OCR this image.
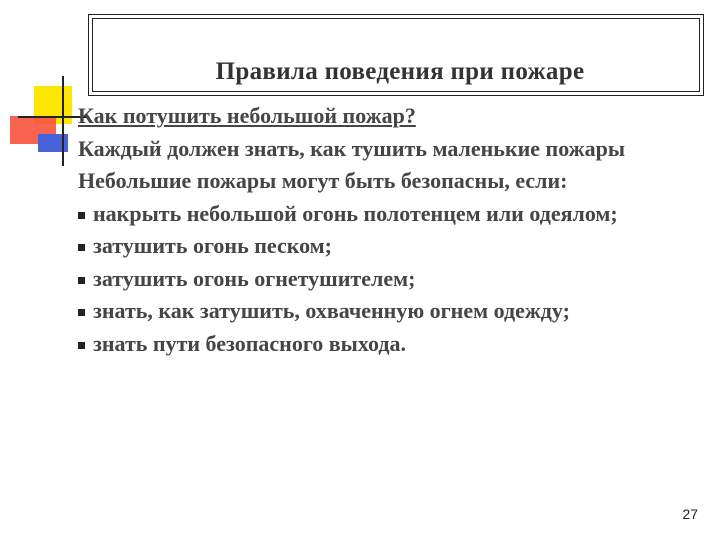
Правила поведения при пожаре

Как потушить небольшой пожар?

Каждый должен знать, как тушить маленькие пожары

Небольшие пожары могут быть безопасны, если:

накрыть небольшой огонь полотенцем или одеялом;

затушить огонь песком;

затушить огонь огнетушителем;

знать, как затушить, охваченную огнем одежду;

знать пути безопасного выхода.

27
